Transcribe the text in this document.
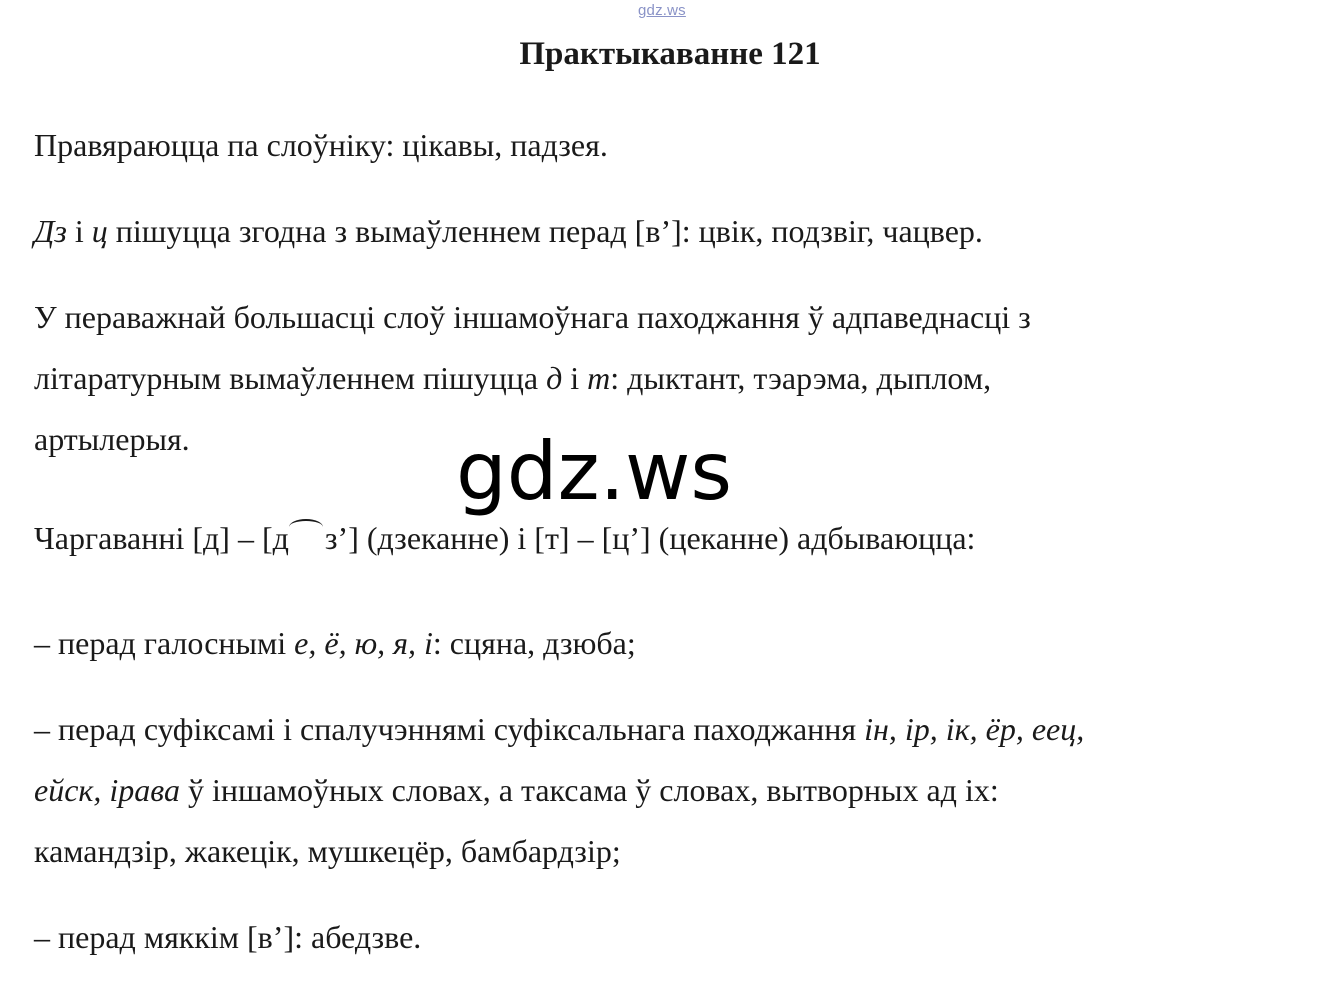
gdz.ws
Практыкаванне 121
Правяраюцца па слоўніку: цікавы, падзея.
Дз і ц пішуцца згодна з вымаўленнем перад [в’]: цвік, подзвіг, чацвер.
У пераважнай большасці слоў іншамоўнага паходжання ў адпаведнасці з
літаратурным вымаўленнем пішуцца д і т: дыктант, тэарэма, дыплом,
артылерыя.
Чаргаванні [д] – [д з’] (дзеканне) і [т] – [ц’] (цеканне) адбываюцца:
– перад галоснымі е, ё, ю, я, і: сцяна, дзюба;
– перад суфіксамі і спалучэннямі суфіксальнага паходжання ін, ір, ік, ёр, еец,
ейск, ірава ў іншамоўных словах, а таксама ў словах, вытворных ад іх:
камандзір, жакецік, мушкецёр, бамбардзір;
– перад мяккім [в’]: абедзве.
gdz.ws
